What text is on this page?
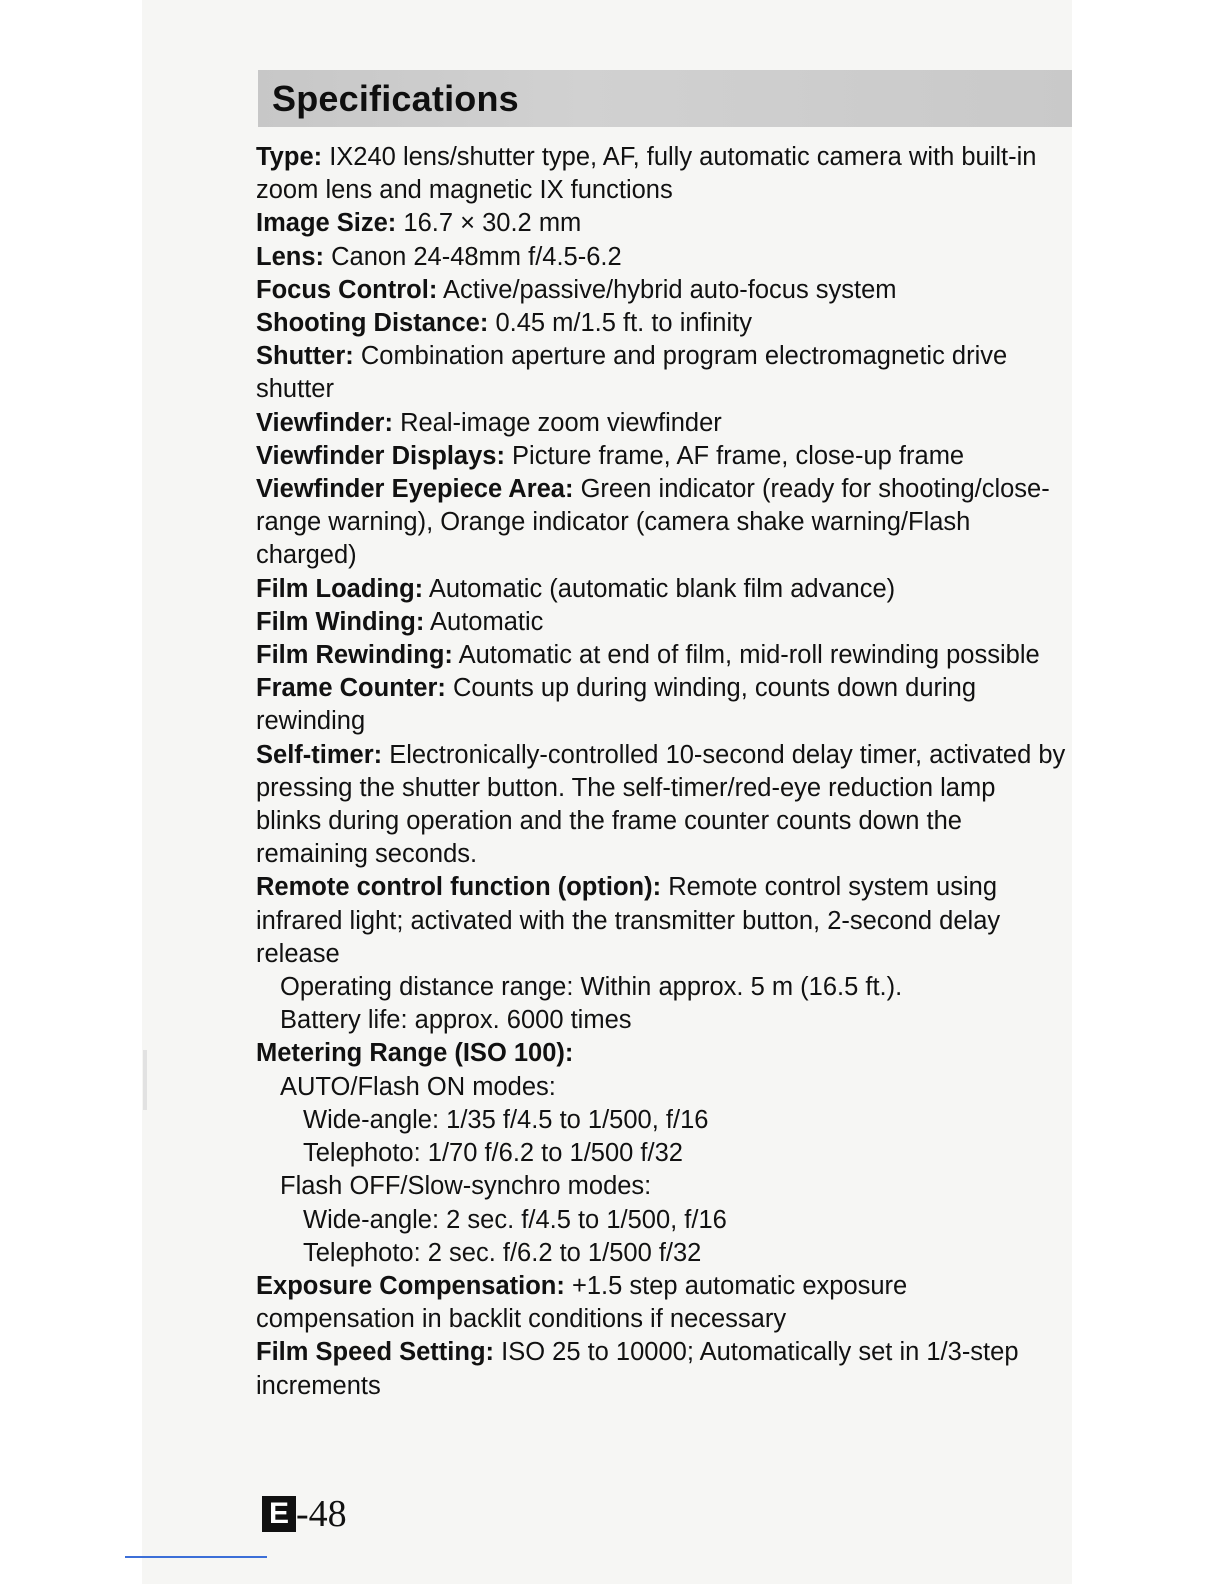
Specifications

Type: IX240 lens/shutter type, AF, fully automatic camera with built-in zoom lens and magnetic IX functions

Image Size: 16.7 × 30.2 mm

Lens: Canon 24-48mm f/4.5-6.2

Focus Control: Active/passive/hybrid auto-focus system

Shooting Distance: 0.45 m/1.5 ft. to infinity

Shutter: Combination aperture and program electromagnetic drive shutter

Viewfinder: Real-image zoom viewfinder

Viewfinder Displays: Picture frame, AF frame, close-up frame

Viewfinder Eyepiece Area: Green indicator (ready for shooting/close-range warning), Orange indicator (camera shake warning/Flash charged)

Film Loading: Automatic (automatic blank film advance)

Film Winding: Automatic

Film Rewinding: Automatic at end of film, mid-roll rewinding possible

Frame Counter: Counts up during winding, counts down during rewinding

Self-timer: Electronically-controlled 10-second delay timer, activated by pressing the shutter button. The self-timer/red-eye reduction lamp blinks during operation and the frame counter counts down the remaining seconds.

Remote control function (option): Remote control system using infrared light; activated with the transmitter button, 2-second delay release

Operating distance range: Within approx. 5 m (16.5 ft.).

Battery life: approx. 6000 times

Metering Range (ISO 100):

AUTO/Flash ON modes:

Wide-angle: 1/35 f/4.5 to 1/500, f/16

Telephoto: 1/70 f/6.2 to 1/500 f/32

Flash OFF/Slow-synchro modes:

Wide-angle: 2 sec. f/4.5 to 1/500, f/16

Telephoto: 2 sec. f/6.2 to 1/500 f/32

Exposure Compensation: +1.5 step automatic exposure compensation in backlit conditions if necessary

Film Speed Setting: ISO 25 to 10000; Automatically set in 1/3-step increments

E -48
